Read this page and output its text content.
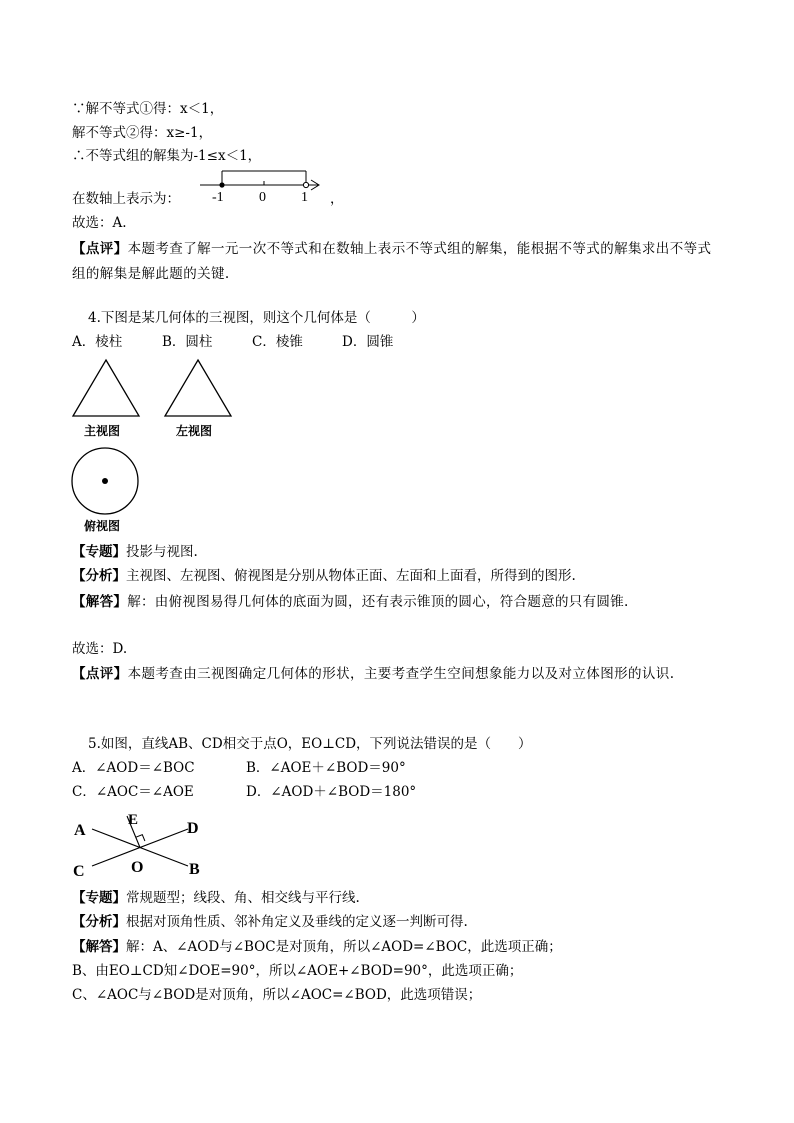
∵解不等式①得：x＜1，
解不等式②得：x≥-1，
∴不等式组的解集为-1≤x＜1，
在数轴上表示为： -1	0	1 ，
故选：A.
【点评】本题考查了解一元一次不等式和在数轴上表示不等式组的解集，能根据不等式的解集求出不等式组的解集是解此题的关键.
4.下图是某几何体的三视图，则这个几何体是（　　　）
A．棱柱	B．圆柱	C．棱锥	D．圆锥
主视图	左视图
俯视图
【专题】投影与视图.
【分析】主视图、左视图、俯视图是分别从物体正面、左面和上面看，所得到的图形.
【解答】解：由俯视图易得几何体的底面为圆，还有表示锥顶的圆心，符合题意的只有圆锥.
故选：D.
【点评】本题考查由三视图确定几何体的形状，主要考查学生空间想象能力以及对立体图形的认识.
5.如图，直线AB、CD相交于点O，EO⊥CD，下列说法错误的是（　　）
A．∠AOD＝∠BOC	B．∠AOE＋∠BOD＝90°
C．∠AOC＝∠AOE	D．∠AOD＋∠BOD＝180°
A
E	D
C	O	B
【专题】常规题型；线段、角、相交线与平行线.
【分析】根据对顶角性质、邻补角定义及垂线的定义逐一判断可得.
【解答】解：A、∠AOD与∠BOC是对顶角，所以∠AOD=∠BOC，此选项正确；
B、由EO⊥CD知∠DOE=90°，所以∠AOE+∠BOD=90°，此选项正确；
C、∠AOC与∠BOD是对顶角，所以∠AOC=∠BOD，此选项错误；
